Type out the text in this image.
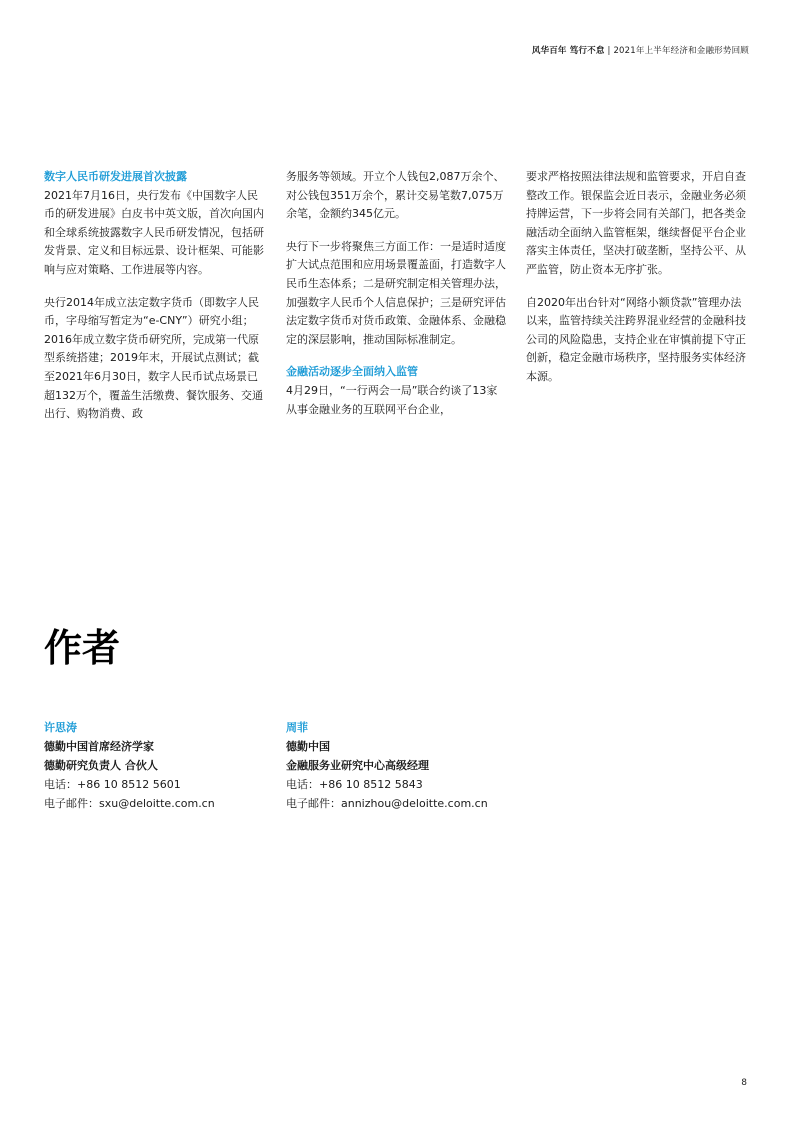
风华百年 笃行不怠 | 2021年上半年经济和金融形势回顾

数字人民币研发进展首次披露

2021年7月16日，央行发布《中国数字人民币的研发进展》白皮书中英文版，首次向国内和全球系统披露数字人民币研发情况，包括研发背景、定义和目标远景、设计框架、可能影响与应对策略、工作进展等内容。

央行2014年成立法定数字货币（即数字人民币，字母缩写暂定为“e-CNY”）研究小组；2016年成立数字货币研究所，完成第一代原型系统搭建；2019年末，开展试点测试；截至2021年6月30日，数字人民币试点场景已超132万个，覆盖生活缴费、餐饮服务、交通出行、购物消费、政

务服务等领域。开立个人钱包2,087万余个、对公钱包351万余个，累计交易笔数7,075万余笔，金额约345亿元。

央行下一步将聚焦三方面工作：一是适时适度扩大试点范围和应用场景覆盖面，打造数字人民币生态体系；二是研究制定相关管理办法，加强数字人民币个人信息保护；三是研究评估法定数字货币对货币政策、金融体系、金融稳定的深层影响，推动国际标准制定。

金融活动逐步全面纳入监管

4月29日，“一行两会一局”联合约谈了13家从事金融业务的互联网平台企业，

要求严格按照法律法规和监管要求，开启自查整改工作。银保监会近日表示，金融业务必须持牌运营，下一步将会同有关部门，把各类金融活动全面纳入监管框架，继续督促平台企业落实主体责任，坚决打破垄断，坚持公平、从严监管，防止资本无序扩张。

自2020年出台针对“网络小额贷款”管理办法以来，监管持续关注跨界混业经营的金融科技公司的风险隐患，支持企业在审慎前提下守正创新，稳定金融市场秩序，坚持服务实体经济本源。

作者
许思涛
德勤中国首席经济学家
德勤研究负责人 合伙人
电话：+86 10 8512 5601
电子邮件：sxu@deloitte.com.cn
周菲
德勤中国
金融服务业研究中心高级经理
电话：+86 10 8512 5843
电子邮件：annizhou@deloitte.com.cn
8
